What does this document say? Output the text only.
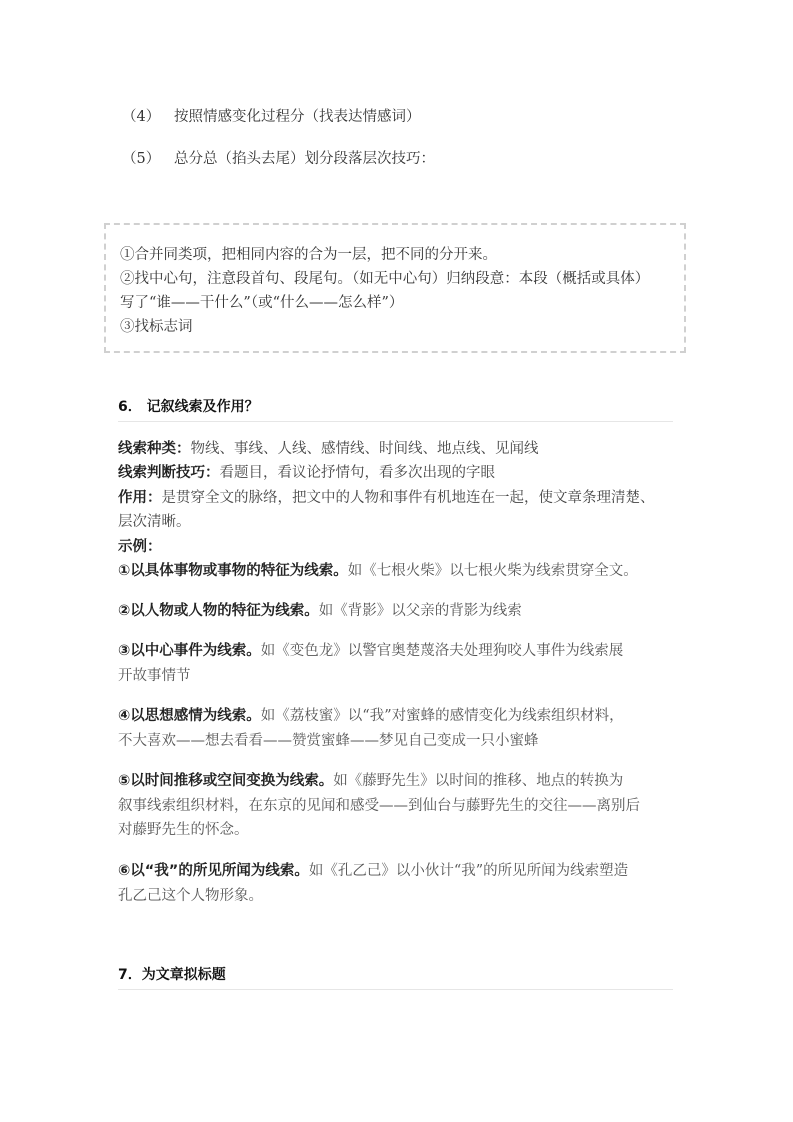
（4） 按照情感变化过程分（找表达情感词）
（5） 总分总（掐头去尾）划分段落层次技巧：
①合并同类项，把相同内容的合为一层，把不同的分开来。
②找中心句，注意段首句、段尾句。（如无中心句）归纳段意：本段（概括或具体）
写了“谁——干什么”（或“什么——怎么样”）
③找标志词
6． 记叙线索及作用？
线索种类：物线、事线、人线、感情线、时间线、地点线、见闻线
线索判断技巧：看题目，看议论抒情句，看多次出现的字眼
作用：是贯穿全文的脉络，把文中的人物和事件有机地连在一起，使文章条理清楚、
层次清晰。
示例：
①以具体事物或事物的特征为线索。如《七根火柴》以七根火柴为线索贯穿全文。
②以人物或人物的特征为线索。如《背影》以父亲的背影为线索
③以中心事件为线索。如《变色龙》以警官奥楚蔑洛夫处理狗咬人事件为线索展
开故事情节
④以思想感情为线索。如《荔枝蜜》以“我”对蜜蜂的感情变化为线索组织材料，
不大喜欢——想去看看——赞赏蜜蜂——梦见自己变成一只小蜜蜂
⑤以时间推移或空间变换为线索。如《藤野先生》以时间的推移、地点的转换为
叙事线索组织材料，在东京的见闻和感受——到仙台与藤野先生的交往——离别后
对藤野先生的怀念。
⑥以“我”的所见所闻为线索。如《孔乙己》以小伙计“我”的所见所闻为线索塑造
孔乙己这个人物形象。
7．为文章拟标题
